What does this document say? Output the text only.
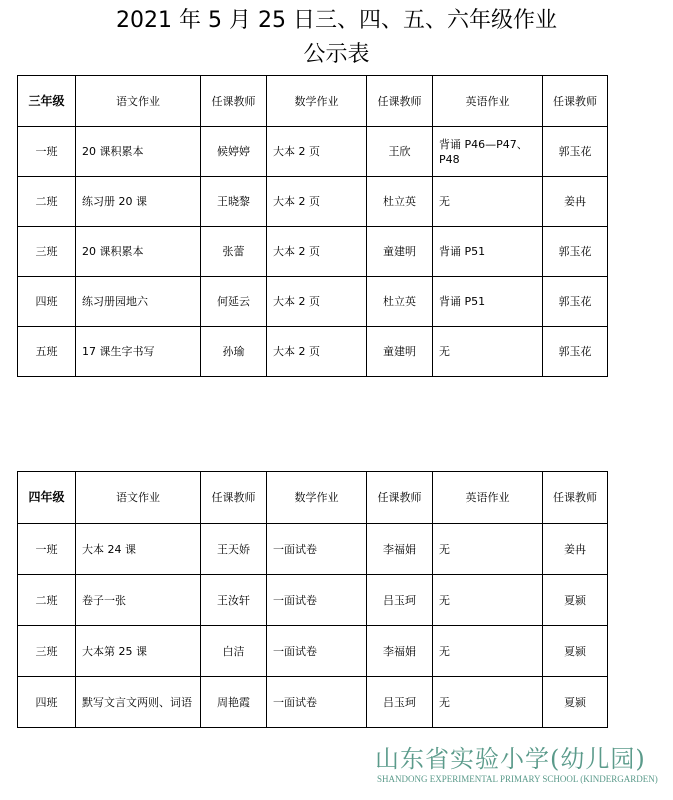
2021 年 5 月 25 日三、四、五、六年级作业
公示表
三年级	语文作业	任课教师	数学作业	任课教师	英语作业	任课教师
一班	20 课积累本	候婷婷	大本 2 页	王欣	背诵 P46—P47、P48	郭玉花
二班	练习册 20 课	王晓黎	大本 2 页	杜立英	无	姜冉
三班	20 课积累本	张蕾	大本 2 页	童建明	背诵 P51	郭玉花
四班	练习册园地六	何延云	大本 2 页	杜立英	背诵 P51	郭玉花
五班	17 课生字书写	孙瑜	大本 2 页	童建明	无	郭玉花
四年级	语文作业	任课教师	数学作业	任课教师	英语作业	任课教师
一班	大本 24 课	王天娇	一面试卷	李福娟	无	姜冉
二班	卷子一张	王汝轩	一面试卷	吕玉珂	无	夏颍
三班	大本第 25 课	白洁	一面试卷	李福娟	无	夏颍
四班	默写文言文两则、词语	周艳霞	一面试卷	吕玉珂	无	夏颍
山东省实验小学(幼儿园)
SHANDONG EXPERIMENTAL PRIMARY SCHOOL (KINDERGARDEN)
